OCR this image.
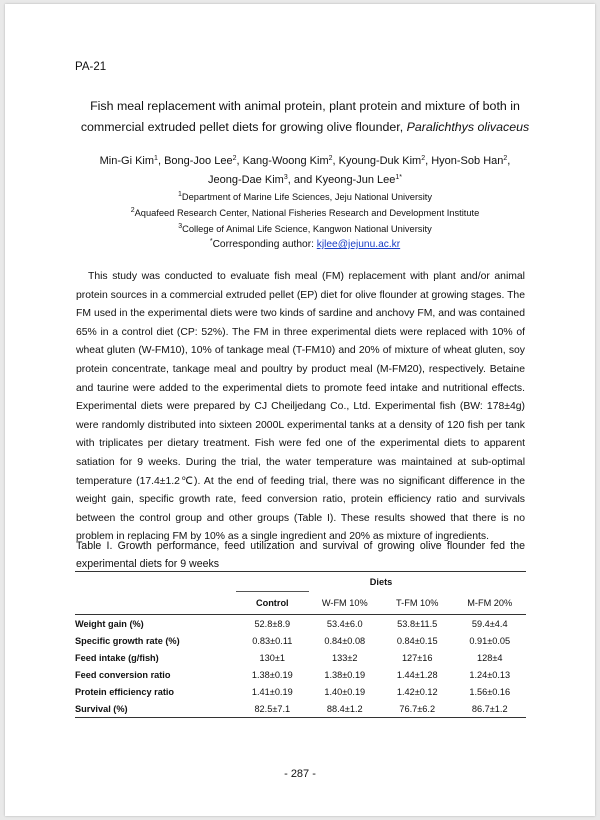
PA-21
Fish meal replacement with animal protein, plant protein and mixture of both in
commercial extruded pellet diets for growing olive flounder, Paralichthys olivaceus
Min-Gi Kim$^1$, Bong-Joo Lee$^2$, Kang-Woong Kim$^2$, Kyoung-Duk Kim$^2$, Hyon-Sob Han$^2$,
Jeong-Dae Kim$^3$, and Kyeong-Jun Lee$^{1*}$
$^1$Department of Marine Life Sciences, Jeju National University
$^2$Aquafeed Research Center, National Fisheries Research and Development Institute
$^3$College of Animal Life Science, Kangwon National University
*Corresponding author: kjlee@jejunu.ac.kr

This study was conducted to evaluate fish meal (FM) replacement with plant and/or animal protein sources in a commercial extruded pellet (EP) diet for olive flounder at growing stages. The FM used in the experimental diets were two kinds of sardine and anchovy FM, and was contained 65% in a control diet (CP: 52%). The FM in three experimental diets were replaced with 10% of wheat gluten (W-FM10), 10% of tankage meal (T-FM10) and 20% of mixture of wheat gluten, soy protein concentrate, tankage meal and poultry by product meal (M-FM20), respectively. Betaine and taurine were added to the experimental diets to promote feed intake and nutritional effects. Experimental diets were prepared by CJ Cheiljedang Co., Ltd. Experimental fish (BW: 178±4g) were randomly distributed into sixteen 2000L experimental tanks at a density of 120 fish per tank with triplicates per dietary treatment. Fish were fed one of the experimental diets to apparent satiation for 9 weeks. During the trial, the water temperature was maintained at sub-optimal temperature (17.4±1.2℃). At the end of feeding trial, there was no significant difference in the weight gain, specific growth rate, feed conversion ratio, protein efficiency ratio and survivals between the control group and other groups (Table I). These results showed that there is no problem in replacing FM by 10% as a single ingredient and 20% as mixture of ingredients.

Table I. Growth performance, feed utilization and survival of growing olive flounder fed the experimental diets for 9 weeks
	Diets			
	Control	W-FM 10%	T-FM 10%	M-FM 20%
Weight gain (%)	52.8±8.9	53.4±6.0	53.8±11.5	59.4±4.4
Specific growth rate (%)	0.83±0.11	0.84±0.08	0.84±0.15	0.91±0.05
Feed intake (g/fish)	130±1	133±2	127±16	128±4
Feed conversion ratio	1.38±0.19	1.38±0.19	1.44±1.28	1.24±0.13
Protein efficiency ratio	1.41±0.19	1.40±0.19	1.42±0.12	1.56±0.16
Survival (%)	82.5±7.1	88.4±1.2	76.7±6.2	86.7±1.2
- 287 -
